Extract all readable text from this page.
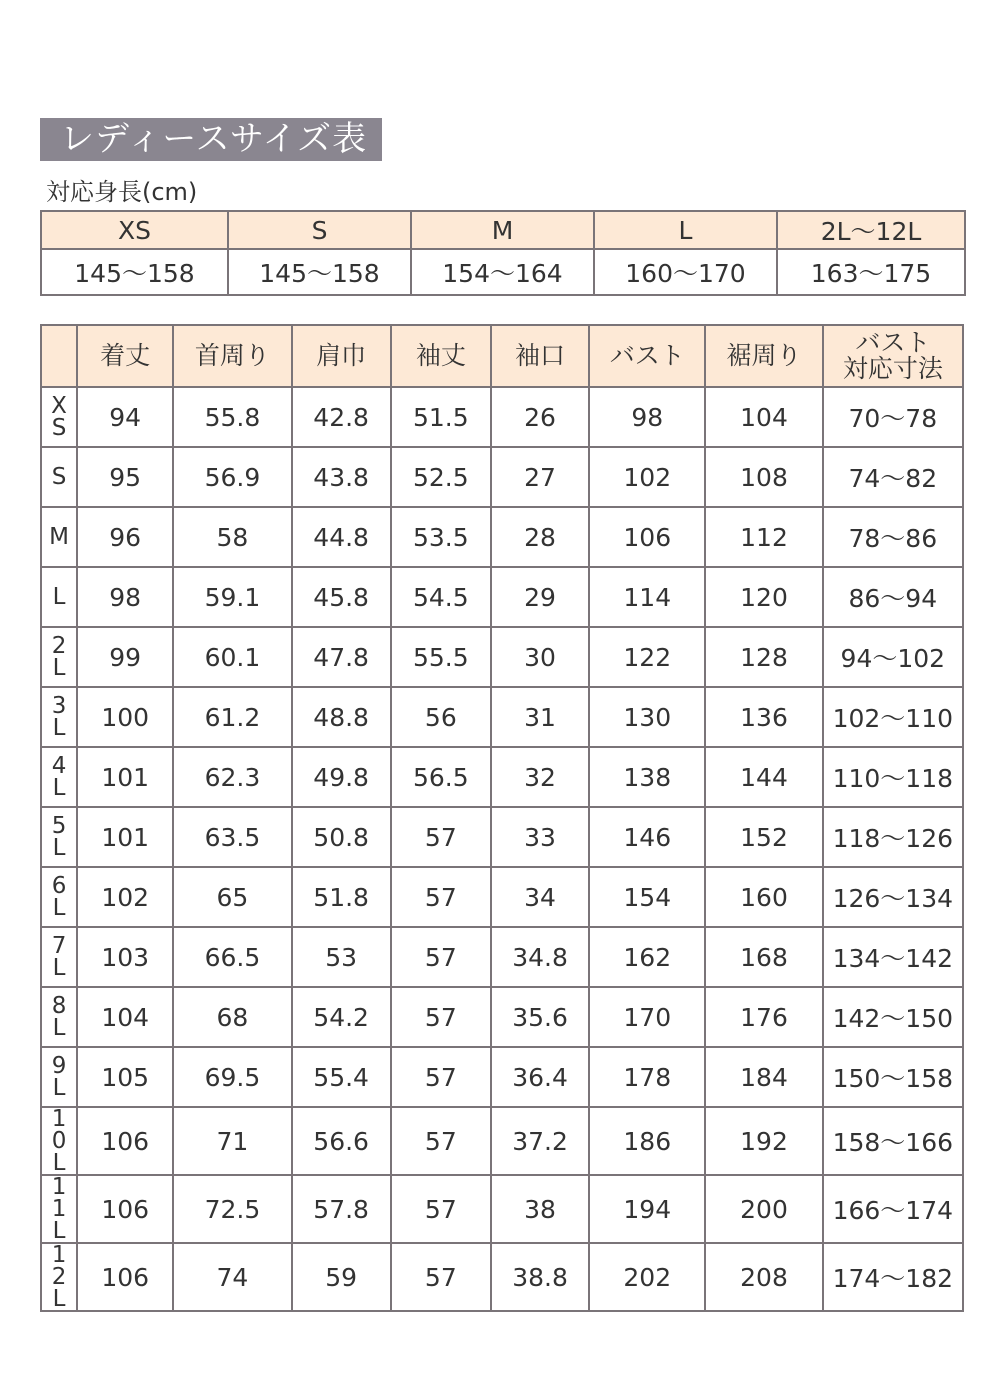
レディースサイズ表
対応身長(cm)
XS	S	M	L	2L〜12L
145〜158	145〜158	154〜164	160〜170	163〜175
	着丈	首周り	肩巾	袖丈	袖口	バスト	裾周り	バスト
対応寸法

XS	94	55.8	42.8	51.5	26	98	104	70〜78
S	95	56.9	43.8	52.5	27	102	108	74〜82
M	96	58	44.8	53.5	28	106	112	78〜86
L	98	59.1	45.8	54.5	29	114	120	86〜94
2L	99	60.1	47.8	55.5	30	122	128	94〜102
3L	100	61.2	48.8	56	31	130	136	102〜110
4L	101	62.3	49.8	56.5	32	138	144	110〜118
5L	101	63.5	50.8	57	33	146	152	118〜126
6L	102	65	51.8	57	34	154	160	126〜134
7L	103	66.5	53	57	34.8	162	168	134〜142
8L	104	68	54.2	57	35.6	170	176	142〜150
9L	105	69.5	55.4	57	36.4	178	184	150〜158
10L	106	71	56.6	57	37.2	186	192	158〜166
11L	106	72.5	57.8	57	38	194	200	166〜174
12L	106	74	59	57	38.8	202	208	174〜182
